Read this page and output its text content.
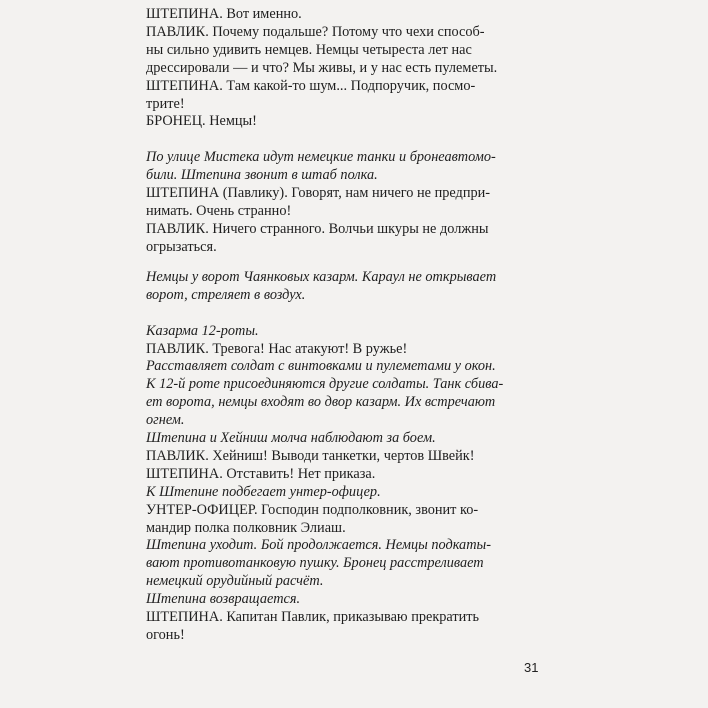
ШТЕПИНА. Вот именно.
ПАВЛИК. Почему подальше? Потому что чехи способ-
ны сильно удивить немцев. Немцы четыреста лет нас
дрессировали — и что? Мы живы, и у нас есть пулеметы.
ШТЕПИНА. Там какой-то шум... Подпоручик, посмо-
трите!
БРОНЕЦ. Немцы!
По улице Мистека идут немецкие танки и бронеавтомо-
били. Штепина звонит в штаб полка.
ШТЕПИНА (Павлику). Говорят, нам ничего не предпри-
нимать. Очень странно!
ПАВЛИК. Ничего странного. Волчьи шкуры не должны
огрызаться.
Немцы у ворот Чаянковых казарм. Караул не открывает
ворот, стреляет в воздух.
Казарма 12-роты.
ПАВЛИК. Тревога! Нас атакуют! В ружье!
Расставляет солдат с винтовками и пулеметами у окон.
К 12-й роте присоединяются другие солдаты. Танк сбива-
ет ворота, немцы входят во двор казарм. Их встречают
огнем.
Штепина и Хейниш молча наблюдают за боем.
ПАВЛИК. Хейниш! Выводи танкетки, чертов Швейк!
ШТЕПИНА. Отставить! Нет приказа.
К Штепине подбегает унтер-офицер.
УНТЕР-ОФИЦЕР. Господин подполковник, звонит ко-
мандир полка полковник Элиаш.
Штепина уходит. Бой продолжается. Немцы подкаты-
вают противотанковую пушку. Бронец расстреливает
немецкий орудийный расчёт.
Штепина возвращается.
ШТЕПИНА. Капитан Павлик, приказываю прекратить
огонь!
31
